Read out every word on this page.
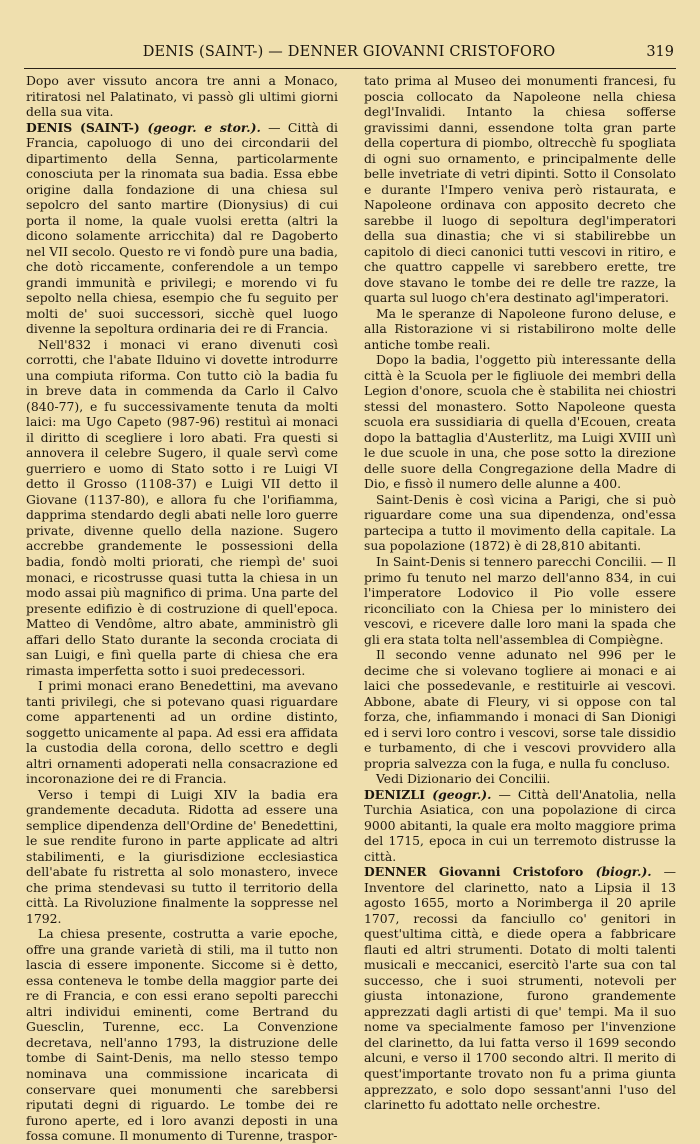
DENIS (SAINT-) — DENNER GIOVANNI CRISTOFORO	319

Dopo aver vissuto ancora tre anni a Monaco, ritiratosi nel Palatinato, vi passò gli ultimi giorni della sua vita.

DENIS (SAINT-) (geogr. e stor.). — Città di Francia, capoluogo di uno dei circondarii del dipartimento della Senna, particolarmente conosciuta per la rinomata sua badia. Essa ebbe origine dalla fondazione di una chiesa sul sepolcro del santo martire (Dionysius) di cui porta il nome, la quale vuolsi eretta (altri la dicono solamente arricchita) dal re Dagoberto nel VII secolo. Questo re vi fondò pure una badia, che dotò riccamente, conferendole a un tempo grandi immunità e privilegi; e morendo vi fu sepolto nella chiesa, esempio che fu seguito per molti de' suoi successori, sicchè quel luogo divenne la sepoltura ordinaria dei re di Francia.

Nell'832 i monaci vi erano divenuti così corrotti, che l'abate Ilduino vi dovette introdurre una compiuta riforma. Con tutto ciò la badia fu in breve data in commenda da Carlo il Calvo (840-77), e fu successivamente tenuta da molti laici: ma Ugo Capeto (987-96) restituì ai monaci il diritto di scegliere i loro abati. Fra questi si annovera il celebre Sugero, il quale servì come guerriero e uomo di Stato sotto i re Luigi VI detto il Grosso (1108-37) e Luigi VII detto il Giovane (1137-80), e allora fu che l'orifiamma, dapprima stendardo degli abati nelle loro guerre private, divenne quello della nazione. Sugero accrebbe grandemente le possessioni della badia, fondò molti priorati, che riempì de' suoi monaci, e ricostrusse quasi tutta la chiesa in un modo assai più magnifico di prima. Una parte del presente edifizio è di costruzione di quell'epoca. Matteo di Vendôme, altro abate, amministrò gli affari dello Stato durante la seconda crociata di san Luigi, e finì quella parte di chiesa che era rimasta imperfetta sotto i suoi predecessori.

I primi monaci erano Benedettini, ma avevano tanti privilegi, che si potevano quasi riguardare come appartenenti ad un ordine distinto, soggetto unicamente al papa. Ad essi era affidata la custodia della corona, dello scettro e degli altri ornamenti adoperati nella consacrazione ed incoronazione dei re di Francia.

Verso i tempi di Luigi XIV la badia era grandemente decaduta. Ridotta ad essere una semplice dipendenza dell'Ordine de' Benedettini, le sue rendite furono in parte applicate ad altri stabilimenti, e la giurisdizione ecclesiastica dell'abate fu ristretta al solo monastero, invece che prima stendevasi su tutto il territorio della città. La Rivoluzione finalmente la soppresse nel 1792.

La chiesa presente, costrutta a varie epoche, offre una grande varietà di stili, ma il tutto non lascia di essere imponente. Siccome si è detto, essa conteneva le tombe della maggior parte dei re di Francia, e con essi erano sepolti parecchi altri individui eminenti, come Bertrand du Guesclin, Turenne, ecc. La Convenzione decretava, nell'anno 1793, la distruzione delle tombe di Saint-Denis, ma nello stesso tempo nominava una commissione incaricata di conservare quei monumenti che sarebbersi riputati degni di riguardo. Le tombe dei re furono aperte, ed i loro avanzi deposti in una fossa comune. Il monumento di Turenne, traspor-

tato prima al Museo dei monumenti francesi, fu poscia collocato da Napoleone nella chiesa degl'Invalidi. Intanto la chiesa sofferse gravissimi danni, essendone tolta gran parte della copertura di piombo, oltrecchè fu spogliata di ogni suo ornamento, e principalmente delle belle invetriate di vetri dipinti. Sotto il Consolato e durante l'Impero veniva però ristaurata, e Napoleone ordinava con apposito decreto che sarebbe il luogo di sepoltura degl'imperatori della sua dinastia; che vi si stabilirebbe un capitolo di dieci canonici tutti vescovi in ritiro, e che quattro cappelle vi sarebbero erette, tre dove stavano le tombe dei re delle tre razze, la quarta sul luogo ch'era destinato agl'imperatori.

Ma le speranze di Napoleone furono deluse, e alla Ristorazione vi si ristabilirono molte delle antiche tombe reali.

Dopo la badia, l'oggetto più interessante della città è la Scuola per le figliuole dei membri della Legion d'onore, scuola che è stabilita nei chiostri stessi del monastero. Sotto Napoleone questa scuola era sussidiaria di quella d'Ecouen, creata dopo la battaglia d'Austerlitz, ma Luigi XVIII unì le due scuole in una, che pose sotto la direzione delle suore della Congregazione della Madre di Dio, e fissò il numero delle alunne a 400.

Saint-Denis è così vicina a Parigi, che si può riguardare come una sua dipendenza, ond'essa partecipa a tutto il movimento della capitale. La sua popolazione (1872) è di 28,810 abitanti.

In Saint-Denis si tennero parecchi Concilii. — Il primo fu tenuto nel marzo dell'anno 834, in cui l'imperatore Lodovico il Pio volle essere riconciliato con la Chiesa per lo ministero dei vescovi, e ricevere dalle loro mani la spada che gli era stata tolta nell'assemblea di Compiègne.

Il secondo venne adunato nel 996 per le decime che si volevano togliere ai monaci e ai laici che possedevanle, e restituirle ai vescovi. Abbone, abate di Fleury, vi si oppose con tal forza, che, infiammando i monaci di San Dionigi ed i servi loro contro i vescovi, sorse tale dissidio e turbamento, di che i vescovi provvidero alla propria salvezza con la fuga, e nulla fu concluso.

Vedi Dizionario dei Concilii.

DENIZLI (geogr.). — Città dell'Anatolia, nella Turchia Asiatica, con una popolazione di circa 9000 abitanti, la quale era molto maggiore prima del 1715, epoca in cui un terremoto distrusse la città.

DENNER Giovanni Cristoforo (biogr.). — Inventore del clarinetto, nato a Lipsia il 13 agosto 1655, morto a Norimberga il 20 aprile 1707, recossi da fanciullo co' genitori in quest'ultima città, e diede opera a fabbricare flauti ed altri strumenti. Dotato di molti talenti musicali e meccanici, esercitò l'arte sua con tal successo, che i suoi strumenti, notevoli per giusta intonazione, furono grandemente apprezzati dagli artisti di que' tempi. Ma il suo nome va specialmente famoso per l'invenzione del clarinetto, da lui fatta verso il 1699 secondo alcuni, e verso il 1700 secondo altri. Il merito di quest'importante trovato non fu a prima giunta apprezzato, e solo dopo sessant'anni l'uso del clarinetto fu adottato nelle orchestre.
